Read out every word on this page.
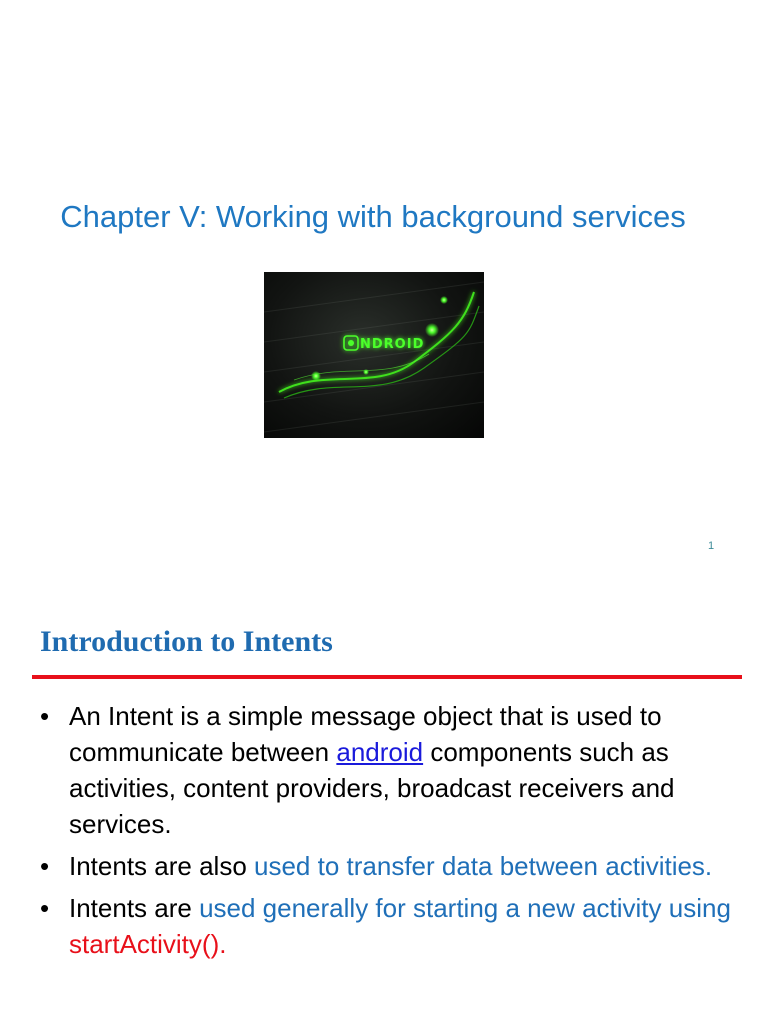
Chapter V: Working with background services
NDROID
1
Introduction to Intents
• An Intent is a simple message object that is used to communicate between android components such as activities, content providers, broadcast receivers and services.
• Intents are also used to transfer data between activities.
• Intents are used generally for starting a new activity using startActivity().
